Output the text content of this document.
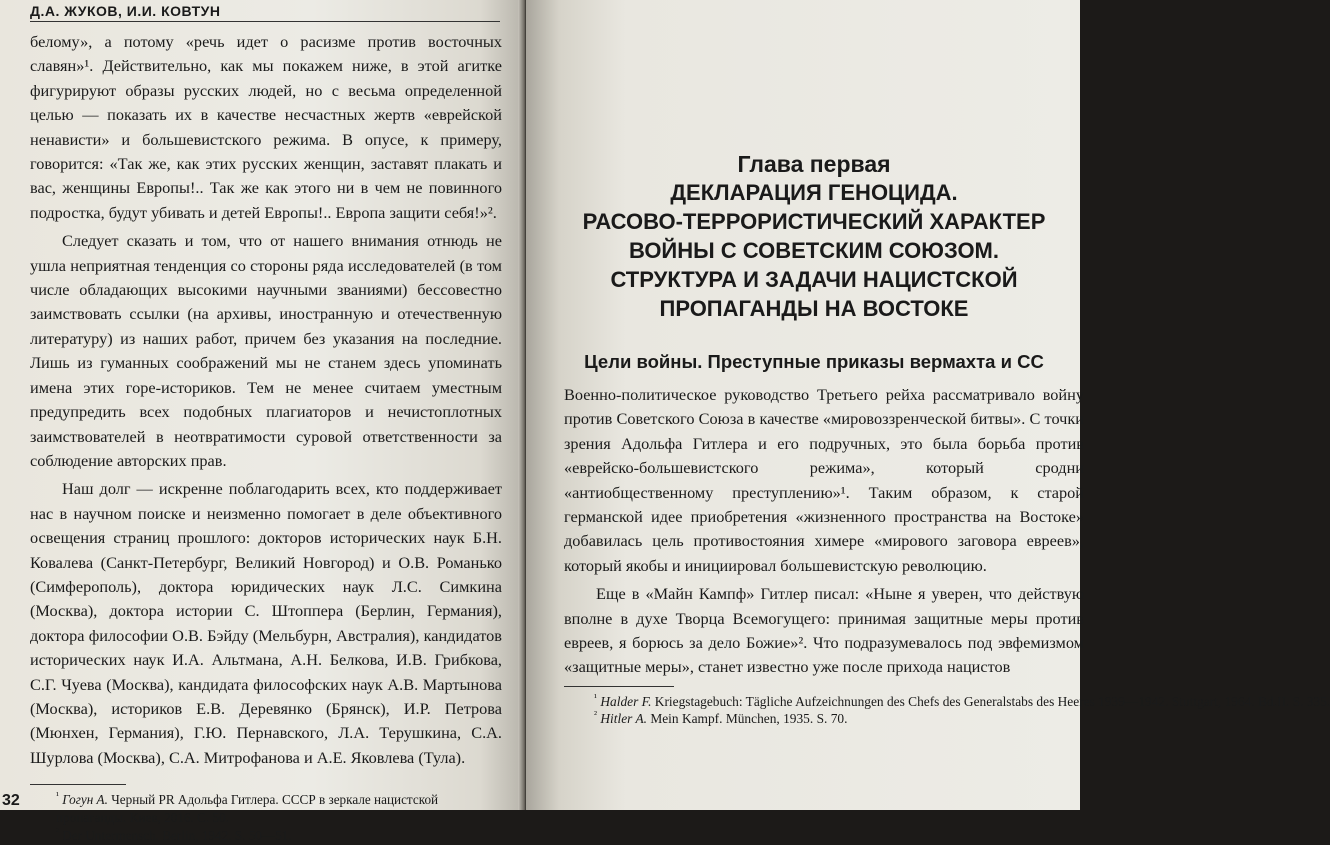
Д.А. ЖУКОВ, И.И. КОВТУН

белому», а потому «речь идет о расизме против восточных славян»¹. Действительно, как мы покажем ниже, в этой агитке фигурируют образы русских людей, но с весьма определенной целью — показать их в качестве несчастных жертв «еврейской ненависти» и большевистского режима. В опусе, к примеру, говорится: «Так же, как этих русских женщин, заставят плакать и вас, женщины Европы!.. Так же как этого ни в чем не повинного подростка, будут убивать и детей Европы!.. Европа защити себя!»².

Следует сказать и том, что от нашего внимания отнюдь не ушла неприятная тенденция со стороны ряда исследователей (в том числе обладающих высокими научными званиями) бессовестно заимствовать ссылки (на архивы, иностранную и отечественную литературу) из наших работ, причем без указания на последние. Лишь из гуманных соображений мы не станем здесь упоминать имена этих горе-историков. Тем не менее считаем уместным предупредить всех подобных плагиаторов и нечистоплотных заимствователей в неотвратимости суровой ответственности за соблюдение авторских прав.

Наш долг — искренне поблагодарить всех, кто поддерживает нас в научном поиске и неизменно помогает в деле объективного освещения страниц прошлого: докторов исторических наук Б.Н. Ковалева (Санкт-Петербург, Великий Новгород) и О.В. Романько (Симферополь), доктора юридических наук Л.С. Симкина (Москва), доктора истории С. Штоппера (Берлин, Германия), доктора философии О.В. Бэйду (Мельбурн, Австралия), кандидатов исторических наук И.А. Альтмана, А.Н. Белкова, И.В. Грибкова, С.Г. Чуева (Москва), кандидата философских наук А.В. Мартынова (Москва), историков Е.В. Деревянко (Брянск), И.Р. Петрова (Мюнхен, Германия), Г.Ю. Пернавского, Л.А. Терушкина, С.А. Шурлова (Москва), С.А. Митрофанова и А.Е. Яковлева (Тула).

$^{^1}$ Гогун А. Черный PR Адольфа Гитлера. СССР в зеркале нацистской пропаганды. Киев, 2016. С. 50.

$^{^2}$ Der Untermensch. Berlin, 1942. S. 50—51.

32
Глава первая
ДЕКЛАРАЦИЯ ГЕНОЦИДА.
РАСОВО-ТЕРРОРИСТИЧЕСКИЙ ХАРАКТЕР
ВОЙНЫ С СОВЕТСКИМ СОЮЗОМ.
СТРУКТУРА И ЗАДАЧИ НАЦИСТСКОЙ
ПРОПАГАНДЫ НА ВОСТОКЕ
Цели войны. Преступные приказы вермахта и СС

Военно-политическое руководство Третьего рейха рассматривало войну против Советского Союза в качестве «мировоззренческой битвы». С точки зрения Адольфа Гитлера и его подручных, это была борьба против «еврейско-большевистского режима», который сродни «антиобщественному преступлению»¹. Таким образом, к старой германской идее приобретения «жизненного пространства на Востоке» добавилась цель противостояния химере «мирового заговора евреев», который якобы и инициировал большевистскую революцию.

Еще в «Майн Кампф» Гитлер писал: «Ныне я уверен, что действую вполне в духе Творца Всемогущего: принимая защитные меры против евреев, я борюсь за дело Божие»². Что подразумевалось под эвфемизмом «защитные меры», станет известно уже после прихода нацистов

$^{^1}$ Halder F. Kriegstagebuch: Tägliche Aufzeichnungen des Chefs des Generalstabs des Heeres 1939—1942. Stuttgart, 1964. Bd.II. S. 335.

$^{^2}$ Hitler A. Mein Kampf. München, 1935. S. 70.
